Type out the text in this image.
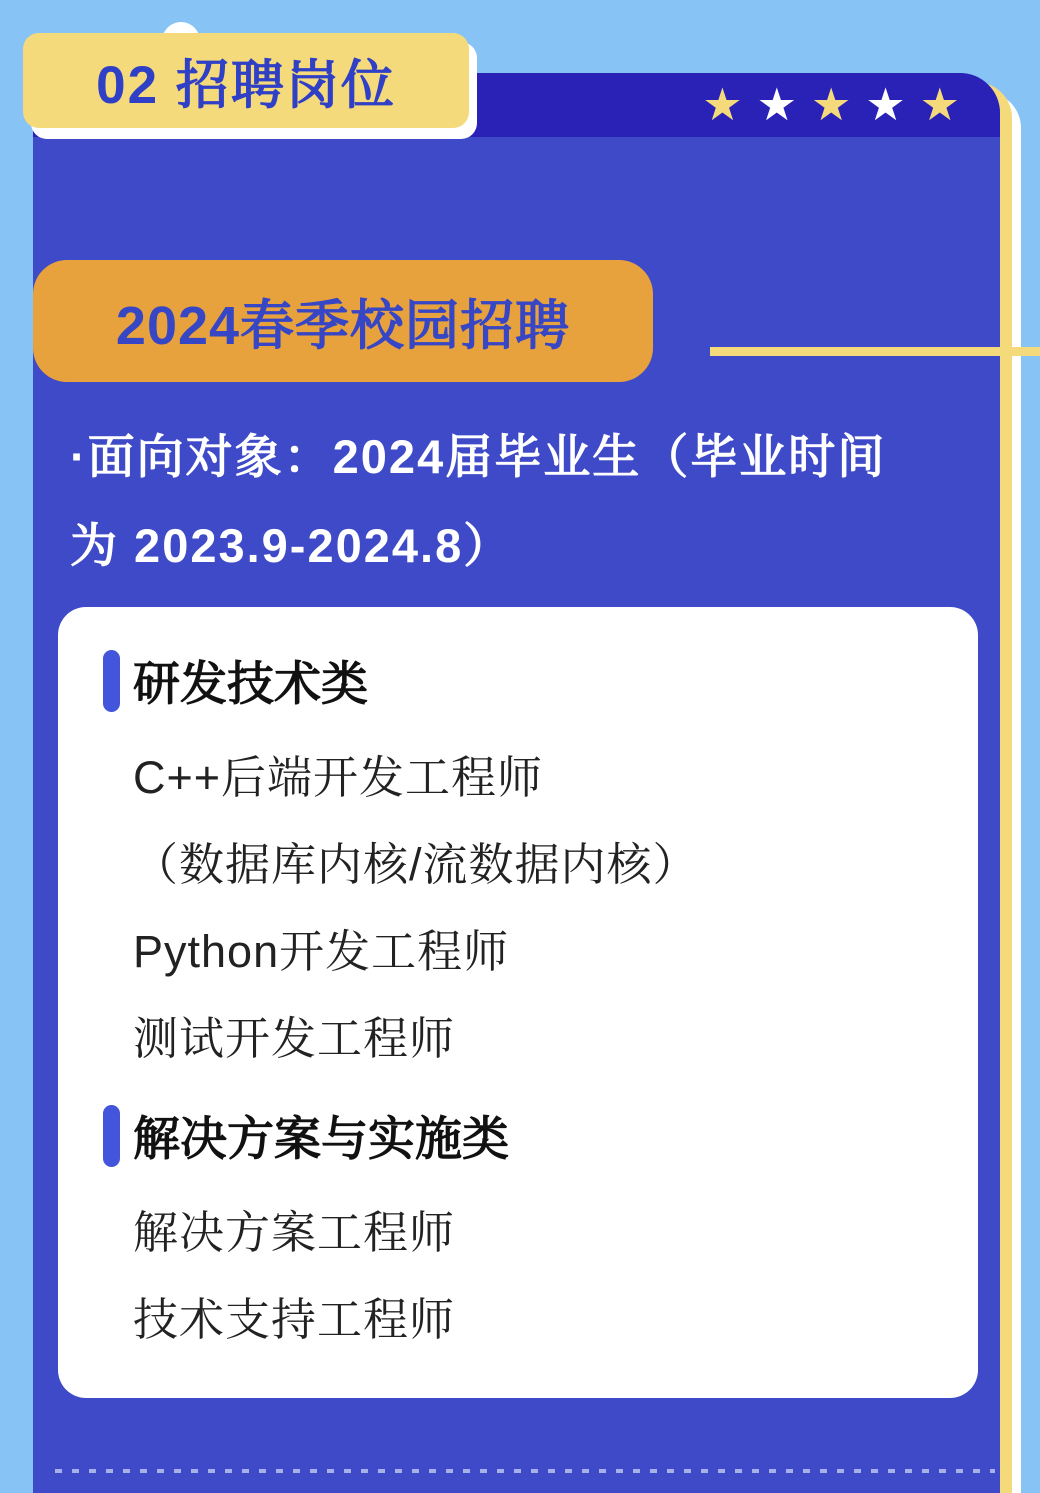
★ ★ ★ ★ ★
2024春季校园招聘
·面向对象：2024届毕业生（毕业时间
为 2023.9-2024.8）
研发技术类
C++后端开发工程师
（数据库内核/流数据内核）
Python开发工程师
测试开发工程师
解决方案与实施类
解决方案工程师
技术支持工程师
02 招聘岗位
